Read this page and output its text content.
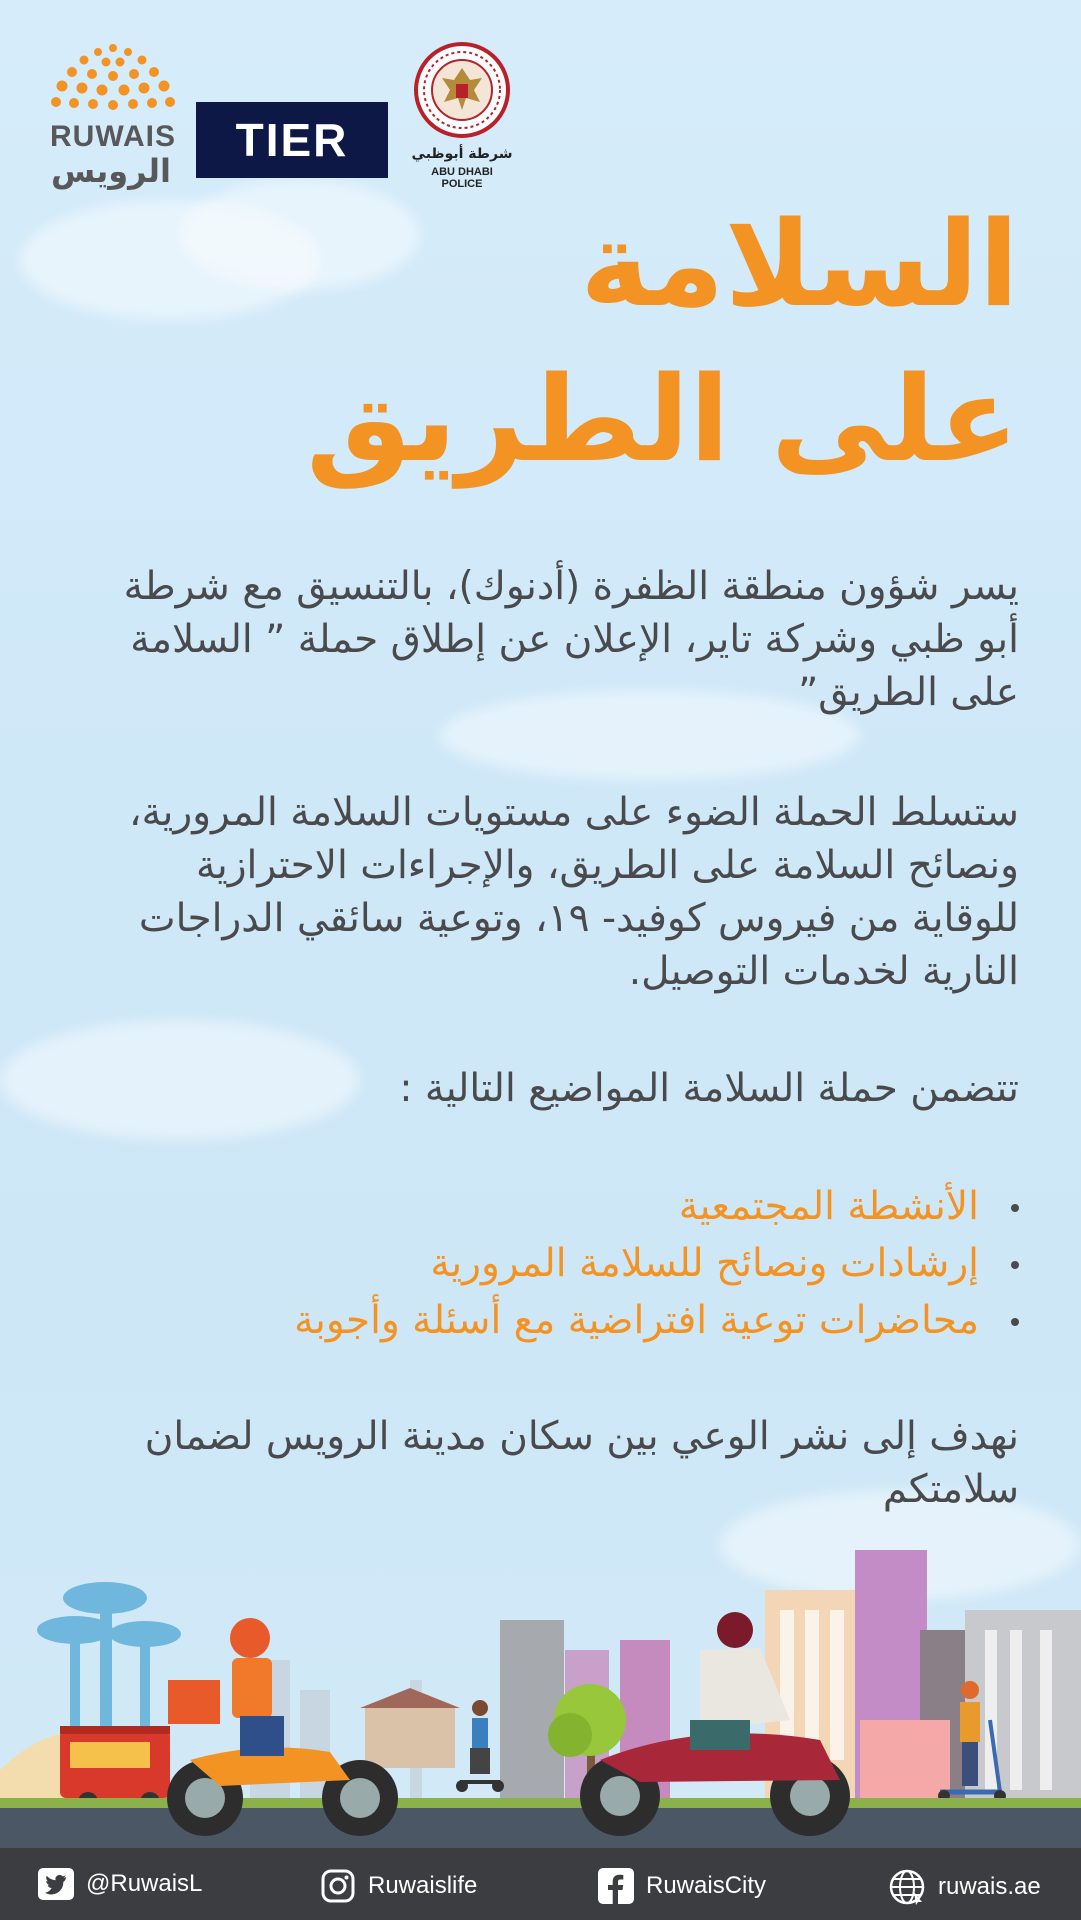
RUWAIS
الرويس
TIER	شرطة أبوظبي
ABU DHABI POLICE
السلامة
على الطريق
يسر شؤون منطقة الظفرة (أدنوك)، بالتنسيق مع شرطة أبو ظبي وشركة تاير، الإعلان عن إطلاق حملة ” السلامة على الطريق”
ستسلط الحملة الضوء على مستويات السلامة المرورية، ونصائح السلامة على الطريق، والإجراءات الاحترازية للوقاية من فيروس كوفيد- ١٩، وتوعية سائقي الدراجات النارية لخدمات التوصيل.
تتضمن حملة السلامة المواضيع التالية :
الأنشطة المجتمعية
إرشادات ونصائح للسلامة المرورية
محاضرات توعية افتراضية مع أسئلة وأجوبة
نهدف إلى نشر الوعي بين سكان مدينة الرويس لضمان سلامتكم
@RuwaisL	Ruwaislife	RuwaisCity	ruwais.ae
